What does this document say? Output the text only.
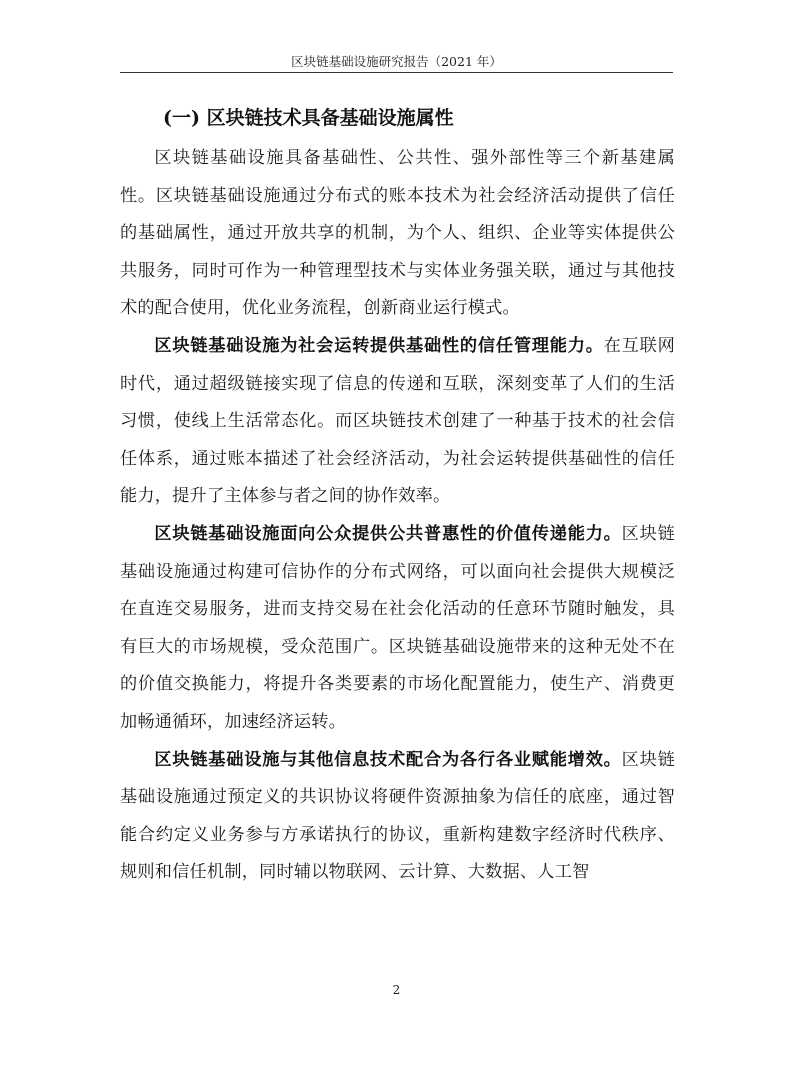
区块链基础设施研究报告（2021 年）
(一) 区块链技术具备基础设施属性

区块链基础设施具备基础性、公共性、强外部性等三个新基建属性。区块链基础设施通过分布式的账本技术为社会经济活动提供了信任的基础属性，通过开放共享的机制，为个人、组织、企业等实体提供公共服务，同时可作为一种管理型技术与实体业务强关联，通过与其他技术的配合使用，优化业务流程，创新商业运行模式。

区块链基础设施为社会运转提供基础性的信任管理能力。在互联网时代，通过超级链接实现了信息的传递和互联，深刻变革了人们的生活习惯，使线上生活常态化。而区块链技术创建了一种基于技术的社会信任体系，通过账本描述了社会经济活动，为社会运转提供基础性的信任能力，提升了主体参与者之间的协作效率。

区块链基础设施面向公众提供公共普惠性的价值传递能力。区块链基础设施通过构建可信协作的分布式网络，可以面向社会提供大规模泛在直连交易服务，进而支持交易在社会化活动的任意环节随时触发，具有巨大的市场规模，受众范围广。区块链基础设施带来的这种无处不在的价值交换能力，将提升各类要素的市场化配置能力，使生产、消费更加畅通循环，加速经济运转。

区块链基础设施与其他信息技术配合为各行各业赋能增效。区块链基础设施通过预定义的共识协议将硬件资源抽象为信任的底座，通过智能合约定义业务参与方承诺执行的协议，重新构建数字经济时代秩序、规则和信任机制，同时辅以物联网、云计算、大数据、人工智

2
